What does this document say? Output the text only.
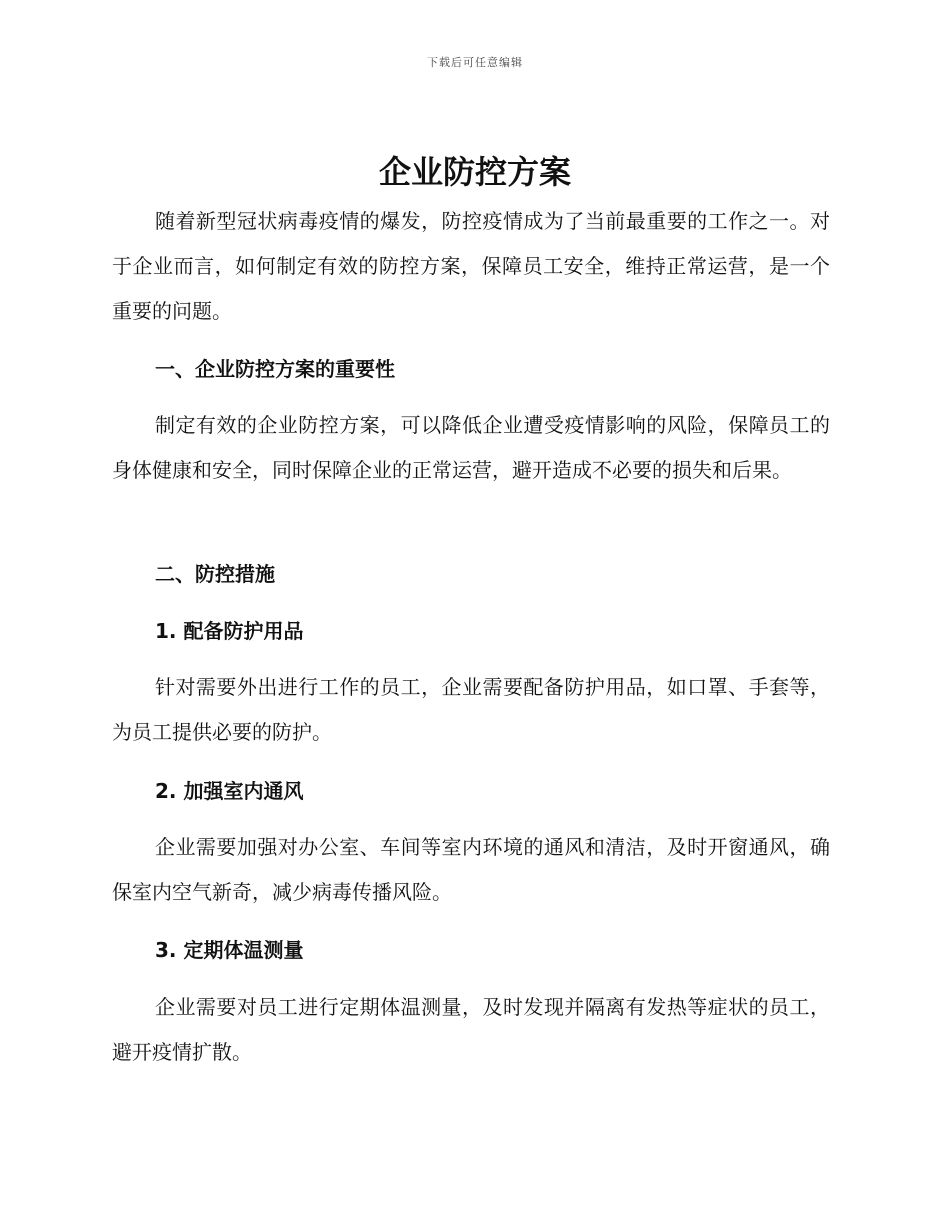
下载后可任意编辑
企业防控方案

随着新型冠状病毒疫情的爆发，防控疫情成为了当前最重要的工作之一。对于企业而言，如何制定有效的防控方案，保障员工安全，维持正常运营，是一个重要的问题。

一、企业防控方案的重要性

制定有效的企业防控方案，可以降低企业遭受疫情影响的风险，保障员工的身体健康和安全，同时保障企业的正常运营，避开造成不必要的损失和后果。

二、防控措施
1. 配备防护用品

针对需要外出进行工作的员工，企业需要配备防护用品，如口罩、手套等，为员工提供必要的防护。

2. 加强室内通风

企业需要加强对办公室、车间等室内环境的通风和清洁，及时开窗通风，确保室内空气新奇，减少病毒传播风险。

3. 定期体温测量

企业需要对员工进行定期体温测量，及时发现并隔离有发热等症状的员工，避开疫情扩散。
